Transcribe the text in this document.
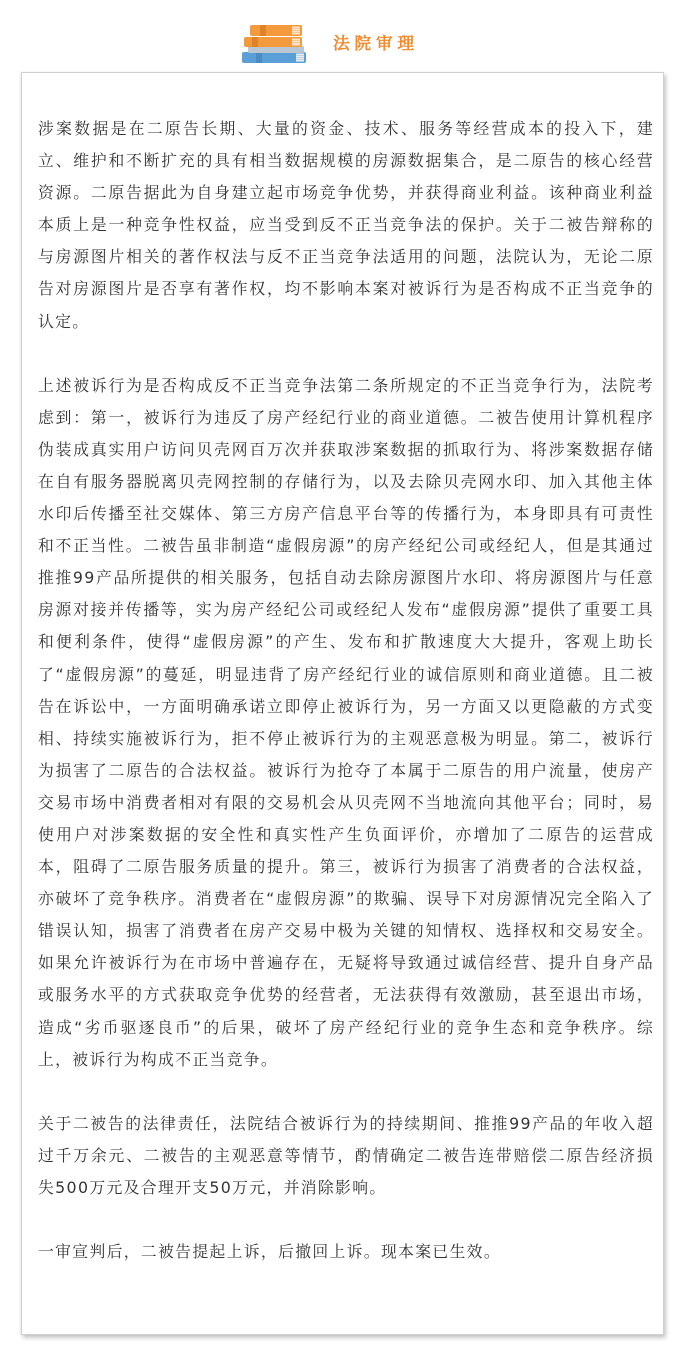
法院审理

涉案数据是在二原告长期、大量的资金、技术、服务等经营成本的投入下，建立、维护和不断扩充的具有相当数据规模的房源数据集合，是二原告的核心经营资源。二原告据此为自身建立起市场竞争优势，并获得商业利益。该种商业利益本质上是一种竞争性权益，应当受到反不正当竞争法的保护。关于二被告辩称的与房源图片相关的著作权法与反不正当竞争法适用的问题，法院认为，无论二原告对房源图片是否享有著作权，均不影响本案对被诉行为是否构成不正当竞争的认定。

上述被诉行为是否构成反不正当竞争法第二条所规定的不正当竞争行为，法院考虑到：第一，被诉行为违反了房产经纪行业的商业道德。二被告使用计算机程序伪装成真实用户访问贝壳网百万次并获取涉案数据的抓取行为、将涉案数据存储在自有服务器脱离贝壳网控制的存储行为，以及去除贝壳网水印、加入其他主体水印后传播至社交媒体、第三方房产信息平台等的传播行为，本身即具有可责性和不正当性。二被告虽非制造“虚假房源”的房产经纪公司或经纪人，但是其通过推推99产品所提供的相关服务，包括自动去除房源图片水印、将房源图片与任意房源对接并传播等，实为房产经纪公司或经纪人发布“虚假房源”提供了重要工具和便利条件，使得“虚假房源”的产生、发布和扩散速度大大提升，客观上助长了“虚假房源”的蔓延，明显违背了房产经纪行业的诚信原则和商业道德。且二被告在诉讼中，一方面明确承诺立即停止被诉行为，另一方面又以更隐蔽的方式变相、持续实施被诉行为，拒不停止被诉行为的主观恶意极为明显。第二，被诉行为损害了二原告的合法权益。被诉行为抢夺了本属于二原告的用户流量，使房产交易市场中消费者相对有限的交易机会从贝壳网不当地流向其他平台；同时，易使用户对涉案数据的安全性和真实性产生负面评价，亦增加了二原告的运营成本，阻碍了二原告服务质量的提升。第三，被诉行为损害了消费者的合法权益，亦破坏了竞争秩序。消费者在“虚假房源”的欺骗、误导下对房源情况完全陷入了错误认知，损害了消费者在房产交易中极为关键的知情权、选择权和交易安全。如果允许被诉行为在市场中普遍存在，无疑将导致通过诚信经营、提升自身产品或服务水平的方式获取竞争优势的经营者，无法获得有效激励，甚至退出市场，造成“劣币驱逐良币”的后果，破坏了房产经纪行业的竞争生态和竞争秩序。综上，被诉行为构成不正当竞争。

关于二被告的法律责任，法院结合被诉行为的持续期间、推推99产品的年收入超过千万余元、二被告的主观恶意等情节，酌情确定二被告连带赔偿二原告经济损失500万元及合理开支50万元，并消除影响。

一审宣判后，二被告提起上诉，后撤回上诉。现本案已生效。
